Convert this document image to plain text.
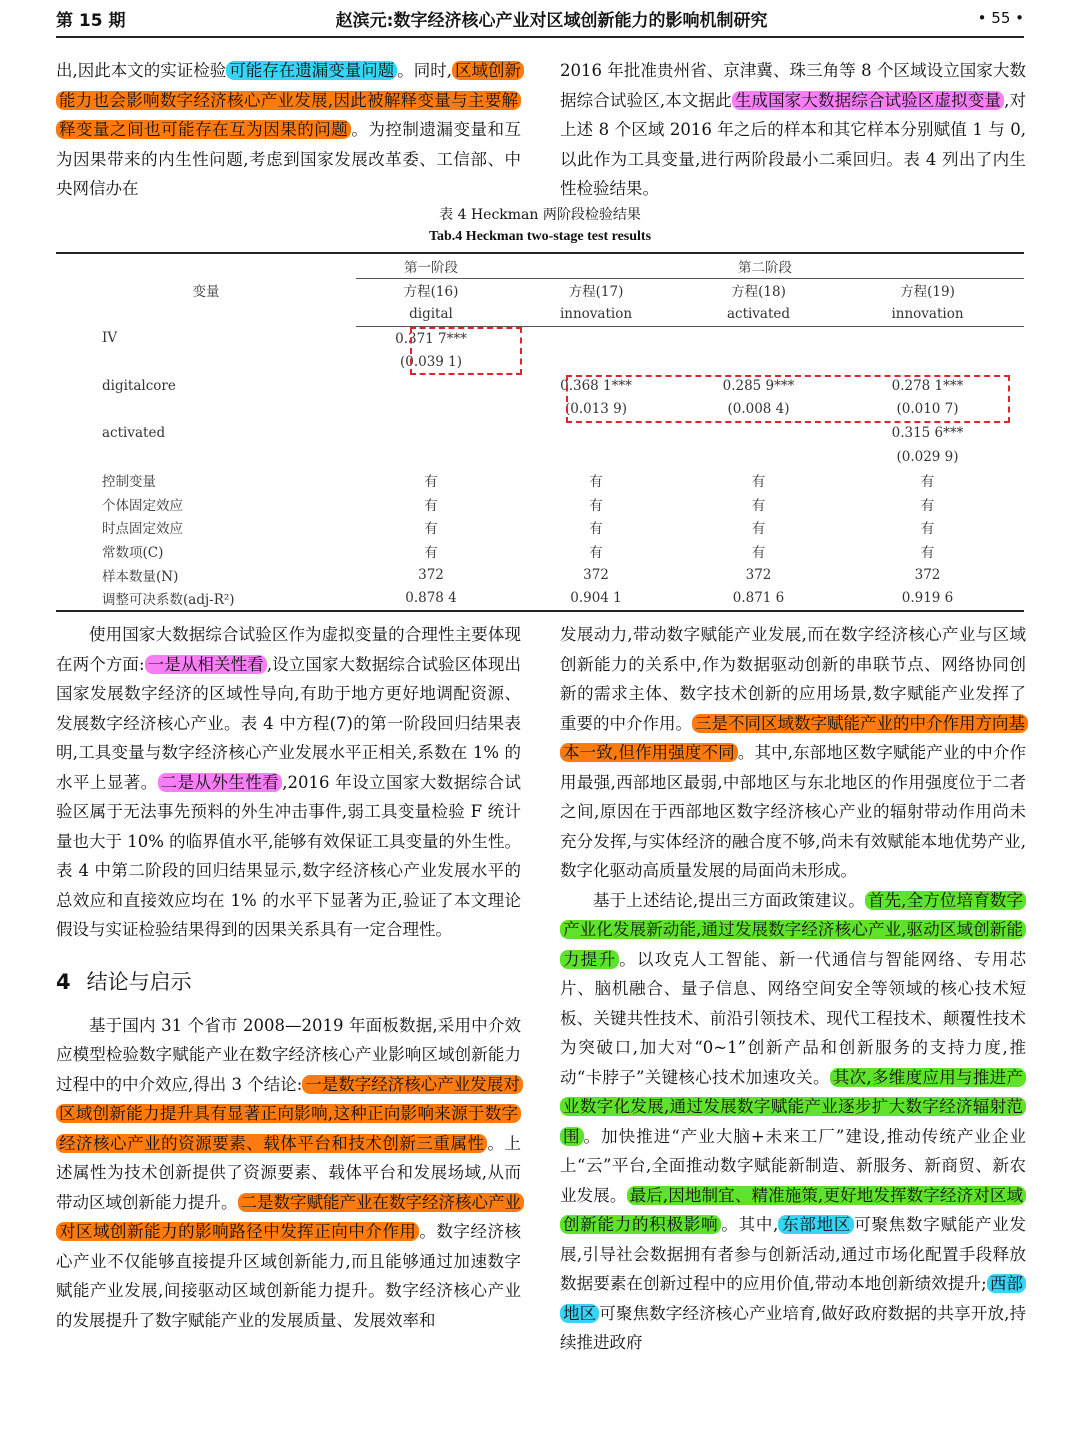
第 15 期	赵滨元:数字经济核心产业对区域创新能力的影响机制研究	• 55 •

出,因此本文的实证检验 可能存在遗漏变量问题 。同时, 区域创新能力也会影响数字经济核心产业发展,因此被解释变量与主要解释变量之间也可能存在互为因果的问题 。为控制遗漏变量和互为因果带来的内生性问题,考虑到国家发展改革委、工信部、中央网信办在

2016 年批准贵州省、京津冀、珠三角等 8 个区域设立国家大数据综合试验区,本文据此 生成国家大数据综合试验区虚拟变量 ,对上述 8 个区域 2016 年之后的样本和其它样本分别赋值 1 与 0,以此作为工具变量,进行两阶段最小二乘回归。表 4 列出了内生性检验结果。

表 4 Heckman 两阶段检验结果
Tab.4 Heckman two-stage test results
变量	第一阶段	第二阶段		
	方程(16)	方程(17)	方程(18)	方程(19)
	digital	innovation	activated	innovation
IV	0.371 7***			
	(0.039 1)			
digitalcore		0.368 1***	0.285 9***	0.278 1***
		(0.013 9)	(0.008 4)	(0.010 7)
activated				0.315 6***
				(0.029 9)
控制变量	有	有	有	有
个体固定效应	有	有	有	有
时点固定效应	有	有	有	有
常数项(C)	有	有	有	有
样本数量(N)	372	372	372	372
调整可决系数(adj-R²)	0.878 4	0.904 1	0.871 6	0.919 6

使用国家大数据综合试验区作为虚拟变量的合理性主要体现在两个方面: 一是从相关性看 ,设立国家大数据综合试验区体现出国家发展数字经济的区域性导向,有助于地方更好地调配资源、发展数字经济核心产业。表 4 中方程(7)的第一阶段回归结果表明,工具变量与数字经济核心产业发展水平正相关,系数在 1% 的水平上显著。 二是从外生性看 ,2016 年设立国家大数据综合试验区属于无法事先预料的外生冲击事件,弱工具变量检验 F 统计量也大于 10% 的临界值水平,能够有效保证工具变量的外生性。表 4 中第二阶段的回归结果显示,数字经济核心产业发展水平的总效应和直接效应均在 1% 的水平下显著为正,验证了本文理论假设与实证检验结果得到的因果关系具有一定合理性。

4 结论与启示

基于国内 31 个省市 2008—2019 年面板数据,采用中介效应模型检验数字赋能产业在数字经济核心产业影响区域创新能力过程中的中介效应,得出 3 个结论: 一是数字经济核心产业发展对区域创新能力提升具有显著正向影响,这种正向影响来源于数字经济核心产业的资源要素、载体平台和技术创新三重属性 。上述属性为技术创新提供了资源要素、载体平台和发展场域,从而带动区域创新能力提升。 二是数字赋能产业在数字经济核心产业对区域创新能力的影响路径中发挥正向中介作用 。数字经济核心产业不仅能够直接提升区域创新能力,而且能够通过加速数字赋能产业发展,间接驱动区域创新能力提升。数字经济核心产业的发展提升了数字赋能产业的发展质量、发展效率和

发展动力,带动数字赋能产业发展,而在数字经济核心产业与区域创新能力的关系中,作为数据驱动创新的串联节点、网络协同创新的需求主体、数字技术创新的应用场景,数字赋能产业发挥了重要的中介作用。 三是不同区域数字赋能产业的中介作用方向基本一致,但作用强度不同 。其中,东部地区数字赋能产业的中介作用最强,西部地区最弱,中部地区与东北地区的作用强度位于二者之间,原因在于西部地区数字经济核心产业的辐射带动作用尚未充分发挥,与实体经济的融合度不够,尚未有效赋能本地优势产业,数字化驱动高质量发展的局面尚未形成。

基于上述结论,提出三方面政策建议。 首先,全方位培育数字产业化发展新动能,通过发展数字经济核心产业,驱动区域创新能力提升 。以攻克人工智能、新一代通信与智能网络、专用芯片、脑机融合、量子信息、网络空间安全等领域的核心技术短板、关键共性技术、前沿引领技术、现代工程技术、颠覆性技术为突破口,加大对“0~1”创新产品和创新服务的支持力度,推动“卡脖子”关键核心技术加速攻关。 其次,多维度应用与推进产业数字化发展,通过发展数字赋能产业逐步扩大数字经济辐射范围 。加快推进“产业大脑+未来工厂”建设,推动传统产业企业上“云”平台,全面推动数字赋能新制造、新服务、新商贸、新农业发展。 最后,因地制宜、精准施策,更好地发挥数字经济对区域创新能力的积极影响 。其中, 东部地区 可聚焦数字赋能产业发展,引导社会数据拥有者参与创新活动,通过市场化配置手段释放数据要素在创新过程中的应用价值,带动本地创新绩效提升; 西部地区 可聚焦数字经济核心产业培育,做好政府数据的共享开放,持续推进政府
